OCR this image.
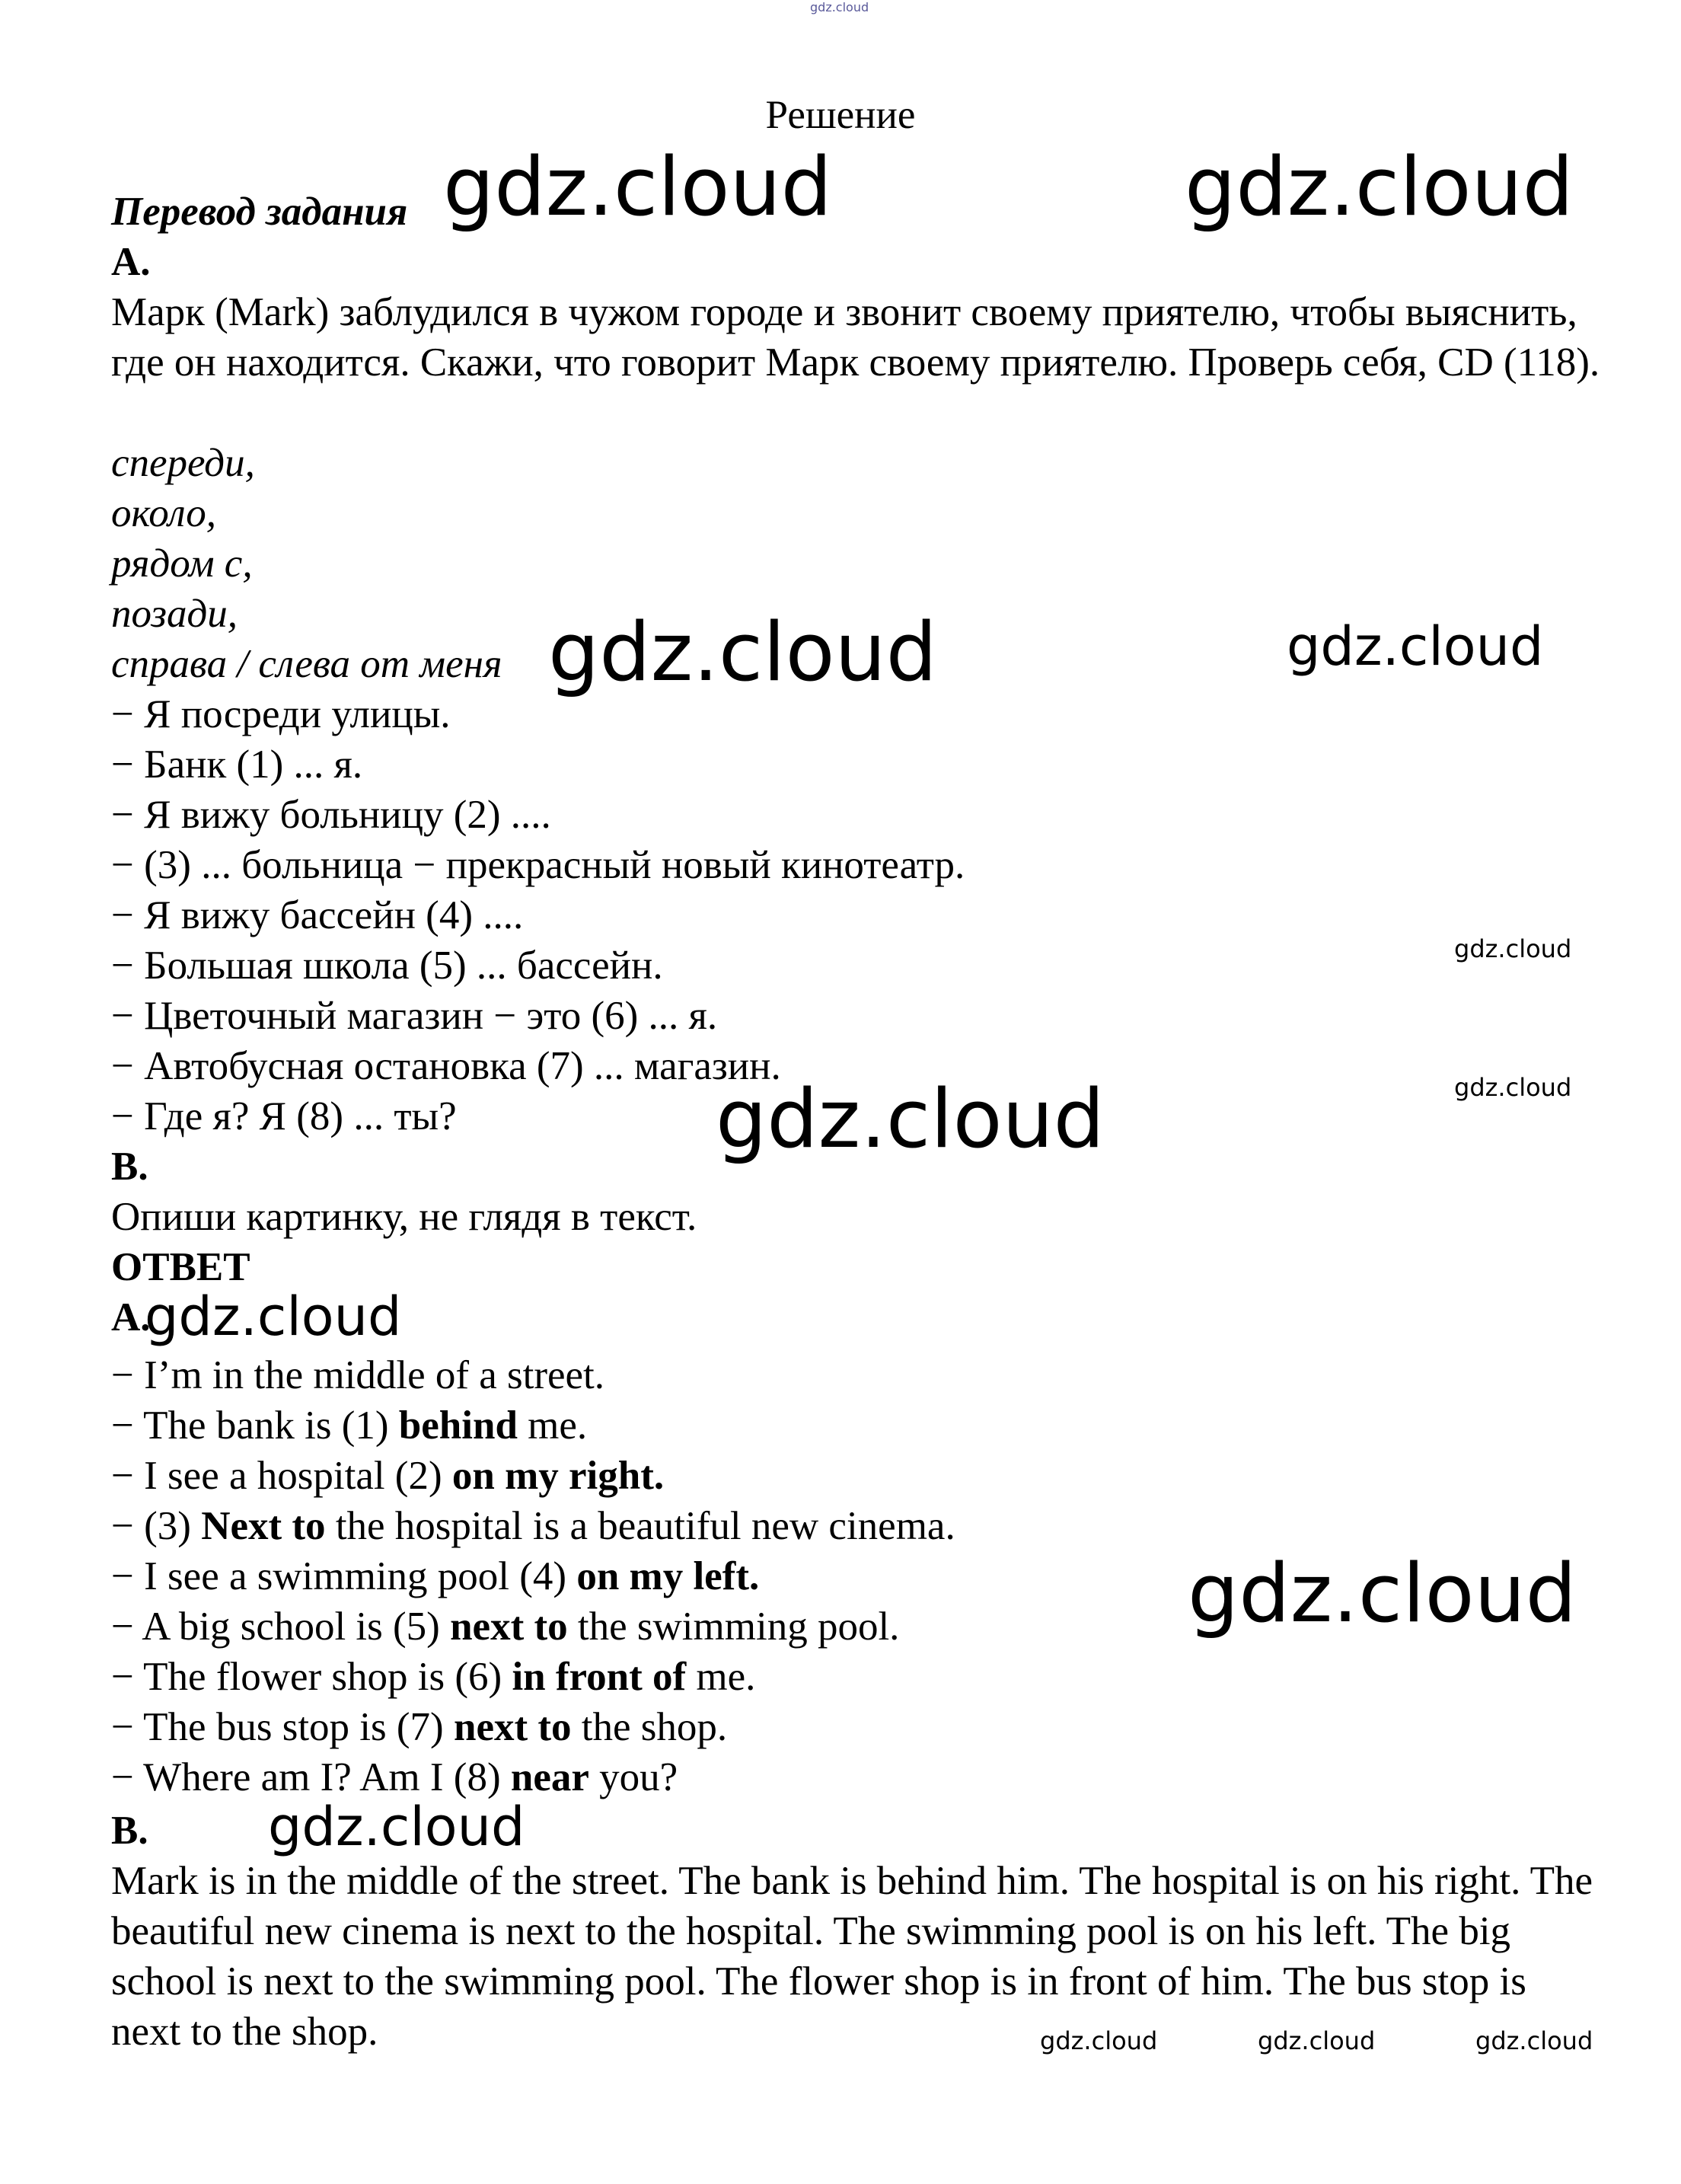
gdz.cloud
gdz.cloud	gdz.cloud
gdz.cloud	gdz.cloud
gdz.cloud
gdz.cloud
gdz.cloud
gdz.cloud
gdz.cloud
gdz.cloud
gdz.cloud	gdz.cloud	gdz.cloud
Решение
Перевод задания
A.
Марк (Mark) заблудился в чужом городе и звонит своему приятелю, чтобы выяснить, где он находится. Скажи, что говорит Марк своему приятелю. Проверь себя, CD (118).
спереди,
около,
рядом с,
позади,
справа / слева от меня
− Я посреди улицы.
− Банк (1) ... я.
− Я вижу больницу (2) ....
− (3) ... больница − прекрасный новый кинотеатр.
− Я вижу бассейн (4) ....
− Большая школа (5) ... бассейн.
− Цветочный магазин − это (6) ... я.
− Автобусная остановка (7) ... магазин.
− Где я? Я (8) ... ты?
B.
Опиши картинку, не глядя в текст.
ОТВЕТ
A.
− I’m in the middle of a street.
− The bank is (1) behind me.
− I see a hospital (2) on my right.
− (3) Next to the hospital is a beautiful new cinema.
− I see a swimming pool (4) on my left.
− A big school is (5) next to the swimming pool.
− The flower shop is (6) in front of me.
− The bus stop is (7) next to the shop.
− Where am I? Am I (8) near you?
B.
Mark is in the middle of the street. The bank is behind him. The hospital is on his right. The beautiful new cinema is next to the hospital. The swimming pool is on his left. The big school is next to the swimming pool. The flower shop is in front of him. The bus stop is next to the shop.
